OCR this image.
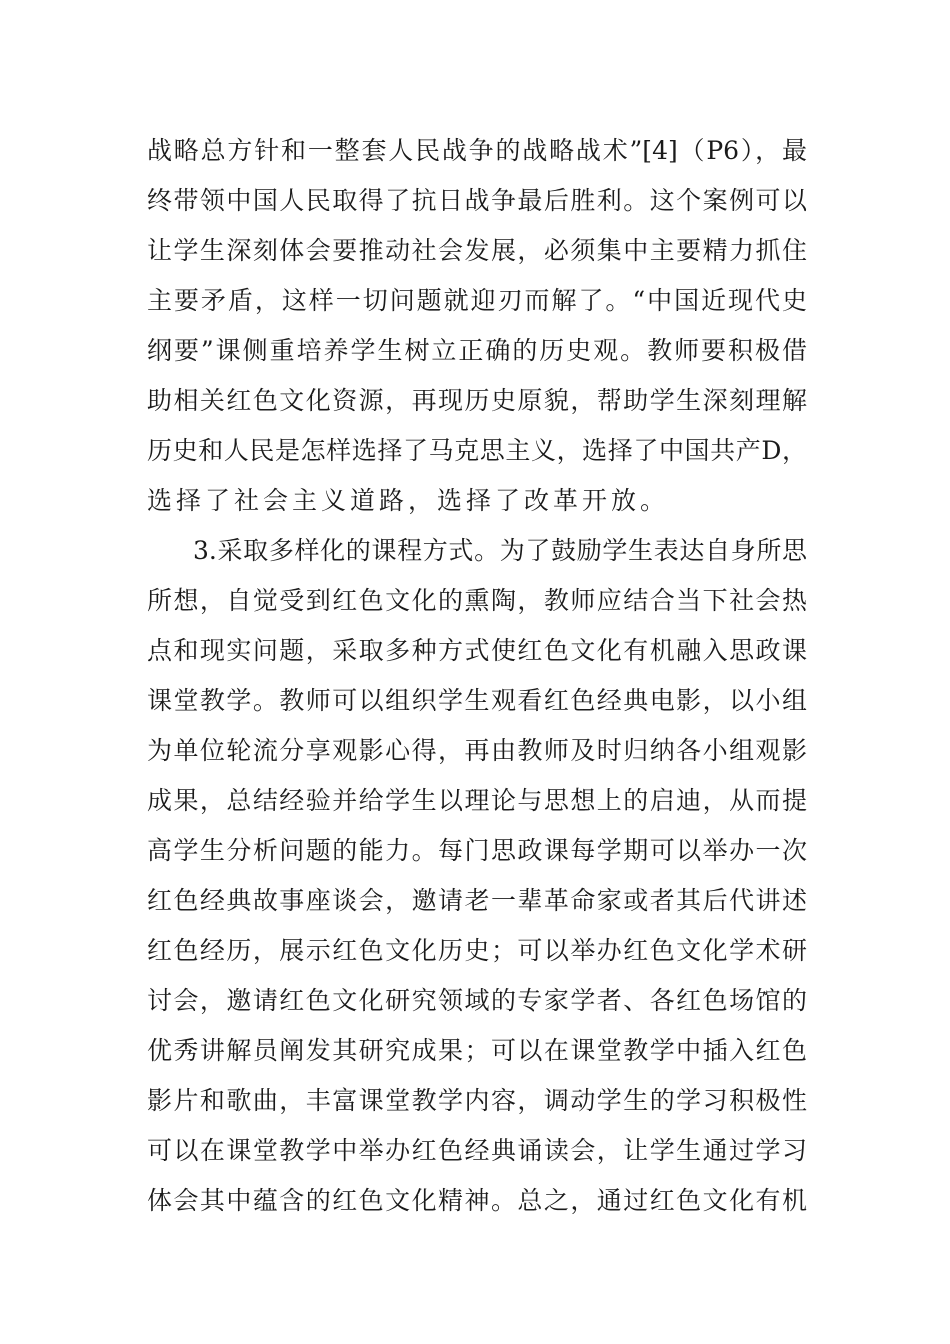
战略总方针和一整套人民战争的战略战术”[4]（P6），最
终带领中国人民取得了抗日战争最后胜利。这个案例可以
让学生深刻体会要推动社会发展，必须集中主要精力抓住
主要矛盾，这样一切问题就迎刃而解了。“中国近现代史
纲要”课侧重培养学生树立正确的历史观。教师要积极借
助相关红色文化资源，再现历史原貌，帮助学生深刻理解
历史和人民是怎样选择了马克思主义，选择了中国共产D，
选择了社会主义道路，选择了改革开放。
3.采取多样化的课程方式。为了鼓励学生表达自身所思
所想，自觉受到红色文化的熏陶，教师应结合当下社会热
点和现实问题，采取多种方式使红色文化有机融入思政课
课堂教学。教师可以组织学生观看红色经典电影，以小组
为单位轮流分享观影心得，再由教师及时归纳各小组观影
成果，总结经验并给学生以理论与思想上的启迪，从而提
高学生分析问题的能力。每门思政课每学期可以举办一次
红色经典故事座谈会，邀请老一辈革命家或者其后代讲述
红色经历，展示红色文化历史；可以举办红色文化学术研
讨会，邀请红色文化研究领域的专家学者、各红色场馆的
优秀讲解员阐发其研究成果；可以在课堂教学中插入红色
影片和歌曲，丰富课堂教学内容，调动学生的学习积极性
可以在课堂教学中举办红色经典诵读会，让学生通过学习
体会其中蕴含的红色文化精神。总之，通过红色文化有机
